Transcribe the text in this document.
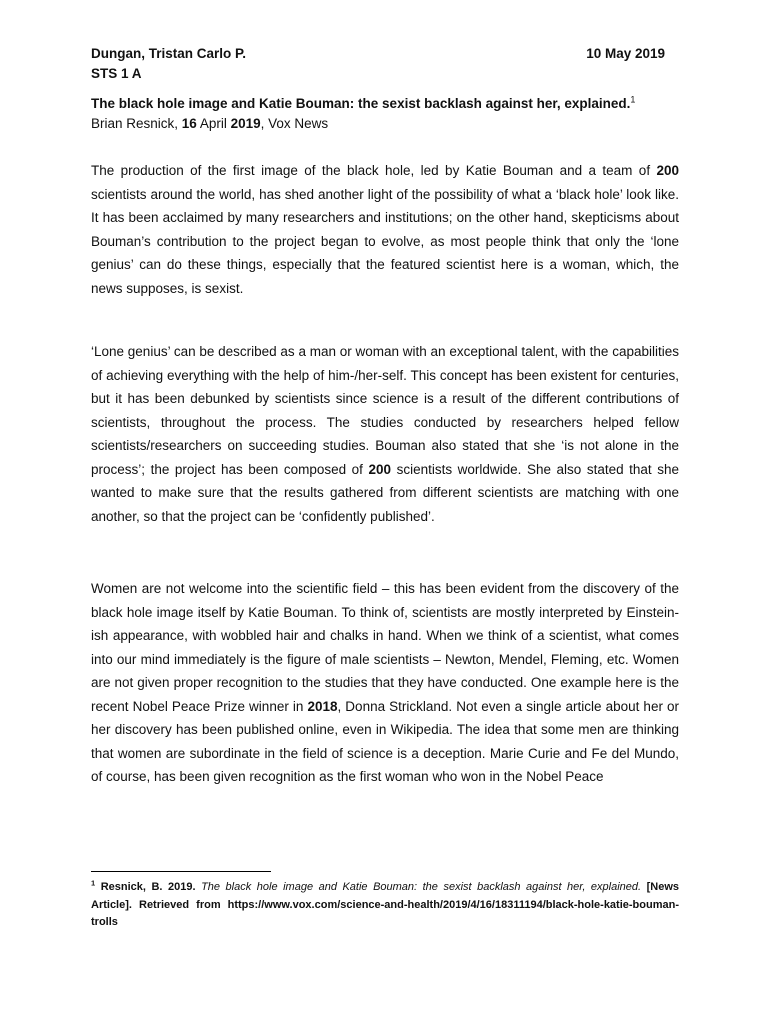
Dungan, Tristan Carlo P.	10 May 2019
STS 1 A
The black hole image and Katie Bouman: the sexist backlash against her, explained.$^1$
Brian Resnick, 16 April 2019, Vox News

The production of the first image of the black hole, led by Katie Bouman and a team of 200 scientists around the world, has shed another light of the possibility of what a ‘black hole’ look like. It has been acclaimed by many researchers and institutions; on the other hand, skepticisms about Bouman’s contribution to the project began to evolve, as most people think that only the ‘lone genius’ can do these things, especially that the featured scientist here is a woman, which, the news supposes, is sexist.

‘Lone genius’ can be described as a man or woman with an exceptional talent, with the capabilities of achieving everything with the help of him-/her-self. This concept has been existent for centuries, but it has been debunked by scientists since science is a result of the different contributions of scientists, throughout the process. The studies conducted by researchers helped fellow scientists/researchers on succeeding studies. Bouman also stated that she ‘is not alone in the process’; the project has been composed of 200 scientists worldwide. She also stated that she wanted to make sure that the results gathered from different scientists are matching with one another, so that the project can be ‘confidently published’.

Women are not welcome into the scientific field – this has been evident from the discovery of the black hole image itself by Katie Bouman. To think of, scientists are mostly interpreted by Einstein-ish appearance, with wobbled hair and chalks in hand. When we think of a scientist, what comes into our mind immediately is the figure of male scientists – Newton, Mendel, Fleming, etc. Women are not given proper recognition to the studies that they have conducted. One example here is the recent Nobel Peace Prize winner in 2018, Donna Strickland. Not even a single article about her or her discovery has been published online, even in Wikipedia. The idea that some men are thinking that women are subordinate in the field of science is a deception. Marie Curie and Fe del Mundo, of course, has been given recognition as the first woman who won in the Nobel Peace

$^1$ Resnick, B. 2019. The black hole image and Katie Bouman: the sexist backlash against her, explained. [News Article]. Retrieved from https://www.vox.com/science-and-health/2019/4/16/18311194/black-hole-katie-bouman-trolls
